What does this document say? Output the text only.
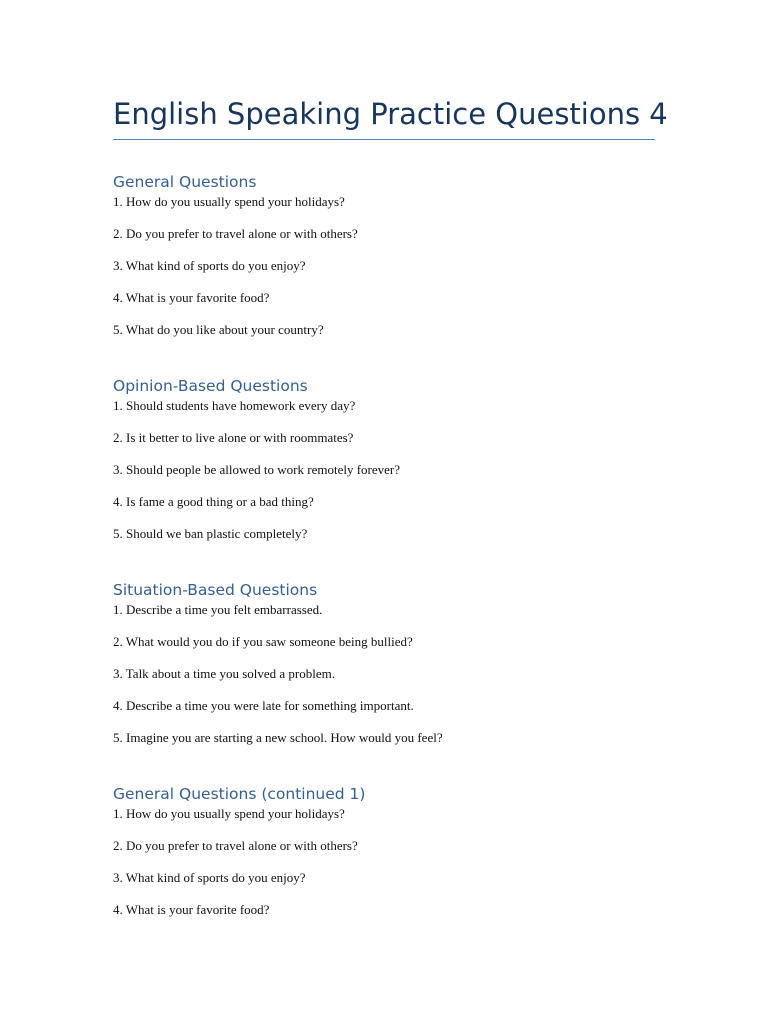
English Speaking Practice Questions 4
General Questions
1. How do you usually spend your holidays?
2. Do you prefer to travel alone or with others?
3. What kind of sports do you enjoy?
4. What is your favorite food?
5. What do you like about your country?
Opinion-Based Questions
1. Should students have homework every day?
2. Is it better to live alone or with roommates?
3. Should people be allowed to work remotely forever?
4. Is fame a good thing or a bad thing?
5. Should we ban plastic completely?
Situation-Based Questions
1. Describe a time you felt embarrassed.
2. What would you do if you saw someone being bullied?
3. Talk about a time you solved a problem.
4. Describe a time you were late for something important.
5. Imagine you are starting a new school. How would you feel?
General Questions (continued 1)
1. How do you usually spend your holidays?
2. Do you prefer to travel alone or with others?
3. What kind of sports do you enjoy?
4. What is your favorite food?
